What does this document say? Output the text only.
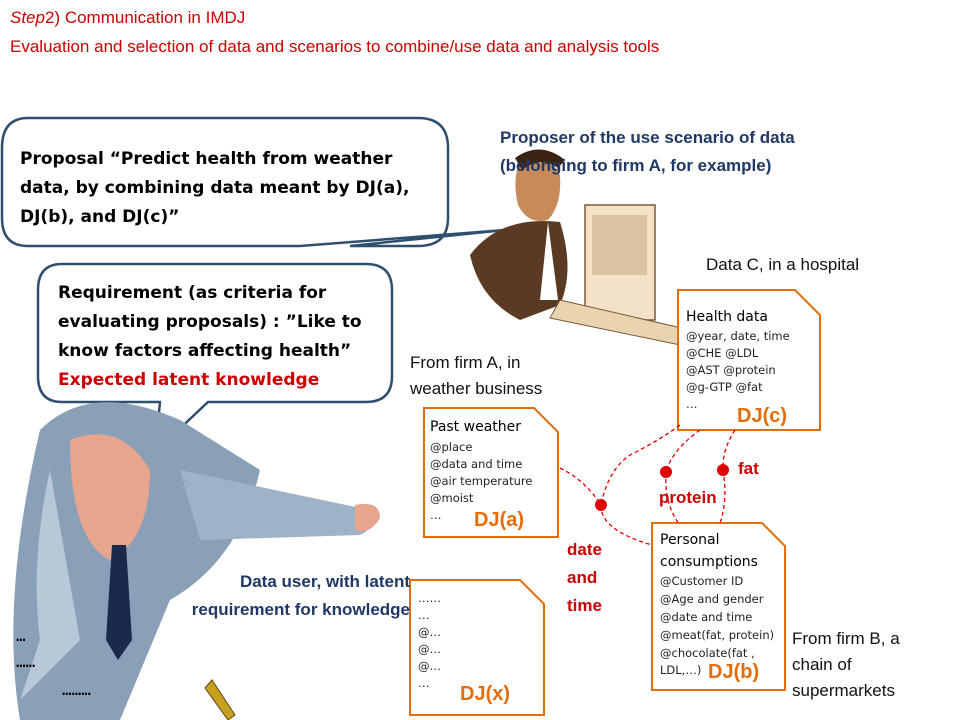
Step2) Communication in IMDJ
Evaluation and selection of data and scenarios to combine/use data and analysis tools
Proposal “Predict health from weather
data, by combining data meant by DJ(a),
DJ(b), and DJ(c)”
Proposer of the use scenario of data
(belonging to firm A, for example)
Requirement (as criteria for
evaluating proposals) : ”Like to
know factors affecting health”
Expected latent knowledge
Data user, with latent
requirement for knowledge
…
……
………
Data C, in a hospital
Health data
@year, date, time
@CHE @LDL
@AST @protein
@g-GTP @fat
…
DJ(c)
From firm A, in
weather business
Past weather
@place
@data and time
@air temperature
@moist
… DJ(a)
Personal
consumptions
@Customer ID
@Age and gender
@date and time
@meat(fat, protein)
@chocolate(fat ,
LDL,…) DJ(b)
From firm B, a
chain of
supermarkets
……
…
@…
@…
@…
… DJ(x)
date
and
time
protein
fat
